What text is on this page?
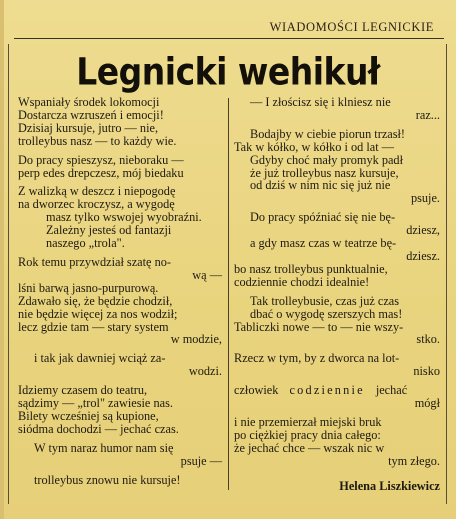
WIADOMOŚCI LEGNICKIE
Legnicki wehikuł
Wspaniały środek lokomocji
Dostarcza wzruszeń i emocji!
Dzisiaj kursuje, jutro — nie,
trolleybus nasz — to każdy wie.
Do pracy spieszysz, nieboraku —
perp edes drepczesz, mój biedaku
Z walizką w deszcz i niepogodę
na dworzec kroczysz, a wygodę
masz tylko wswojej wyobraźni.
Zależny jesteś od fantazji
naszego „trola".
Rok temu przywdział szatę no-
wą —
lśni barwą jasno-purpurową.
Zdawało się, że będzie chodził,
nie będzie więcej za nos wodził;
lecz gdzie tam — stary system
w modzie,
i tak jak dawniej wciąż za-
wodzi.
Idziemy czasem do teatru,
sądzimy — „trol" zawiesie nas.
Bilety wcześniej są kupione,
siódma dochodzi — jechać czas.
W tym naraz humor nam się
psuje —
trolleybus znowu nie kursuje!
— I złościsz się i klniesz nie
raz...
Bodajby w ciebie piorun trzasł!
Tak w kółko, w kółko i od lat —
Gdyby choć mały promyk padł
że już trolleybus nasz kursuje,
od dziś w nim nic się już nie
psuje.
Do pracy spóźniać się nie bę-
dziesz,
a gdy masz czas w teatrze bę-
dziesz.
bo nasz trolleybus punktualnie,
codziennie chodzi idealnie!
Tak trolleybusie, czas już czas
dbać o wygodę szerszych mas!
Tabliczki nowe — to — nie wszy-
stko.
Rzecz w tym, by z dworca na lot-
nisko
człowiek codziennie jechać
mógł
i nie przemierzał miejski bruk
po ciężkiej pracy dnia całego:
że jechać chce — wszak nic w
tym złego.
Helena Liszkiewicz
